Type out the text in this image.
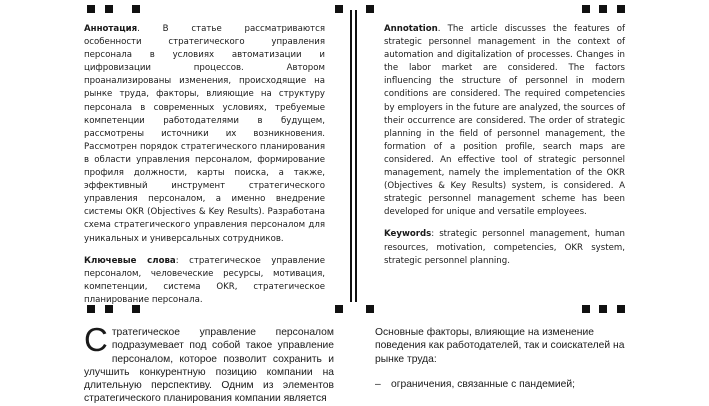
Аннотация. В статье рассматриваются особенности стратегического управления персонала в условиях автоматизации и цифровизации процессов. Автором проанализированы изменения, происходящие на рынке труда, факторы, влияющие на структуру персонала в современных условиях, требуемые компетенции работодателями в будущем, рассмотрены источники их возникновения. Рассмотрен порядок стратегического планирования в области управления персоналом, формирование профиля должности, карты поиска, а также, эффективный инструмент стратегического управления персоналом, а именно внедрение системы OKR (Objectives & Key Results). Разработана схема стратегического управления персоналом для уникальных и универсальных сотрудников.

Ключевые слова: стратегическое управление персоналом, человеческие ресурсы, мотивация, компетенции, система OKR, стратегическое планирование персонала.

Annotation. The article discusses the features of strategic personnel management in the context of automation and digitalization of processes. Changes in the labor market are considered. The factors influencing the structure of personnel in modern conditions are considered. The required competencies by employers in the future are analyzed, the sources of their occurrence are considered. The order of strategic planning in the field of personnel management, the formation of a position profile, search maps are considered. An effective tool of strategic personnel management, namely the implementation of the OKR (Objectives & Key Results) system, is considered. A strategic personnel management scheme has been developed for unique and versatile employees.

Keywords: strategic personnel management, human resources, motivation, competencies, OKR system, strategic personnel planning.

Стратегическое управление персоналом подразумевает под собой такое управление персоналом, которое позволит сохранить и улучшить конкурентную позицию компании на длительную перспективу. Одним из элементов стратегического планирования компании является

Основные факторы, влияющие на изменение поведения как работодателей, так и соискателей на рынке труда:

– ограничения, связанные с пандемией;
